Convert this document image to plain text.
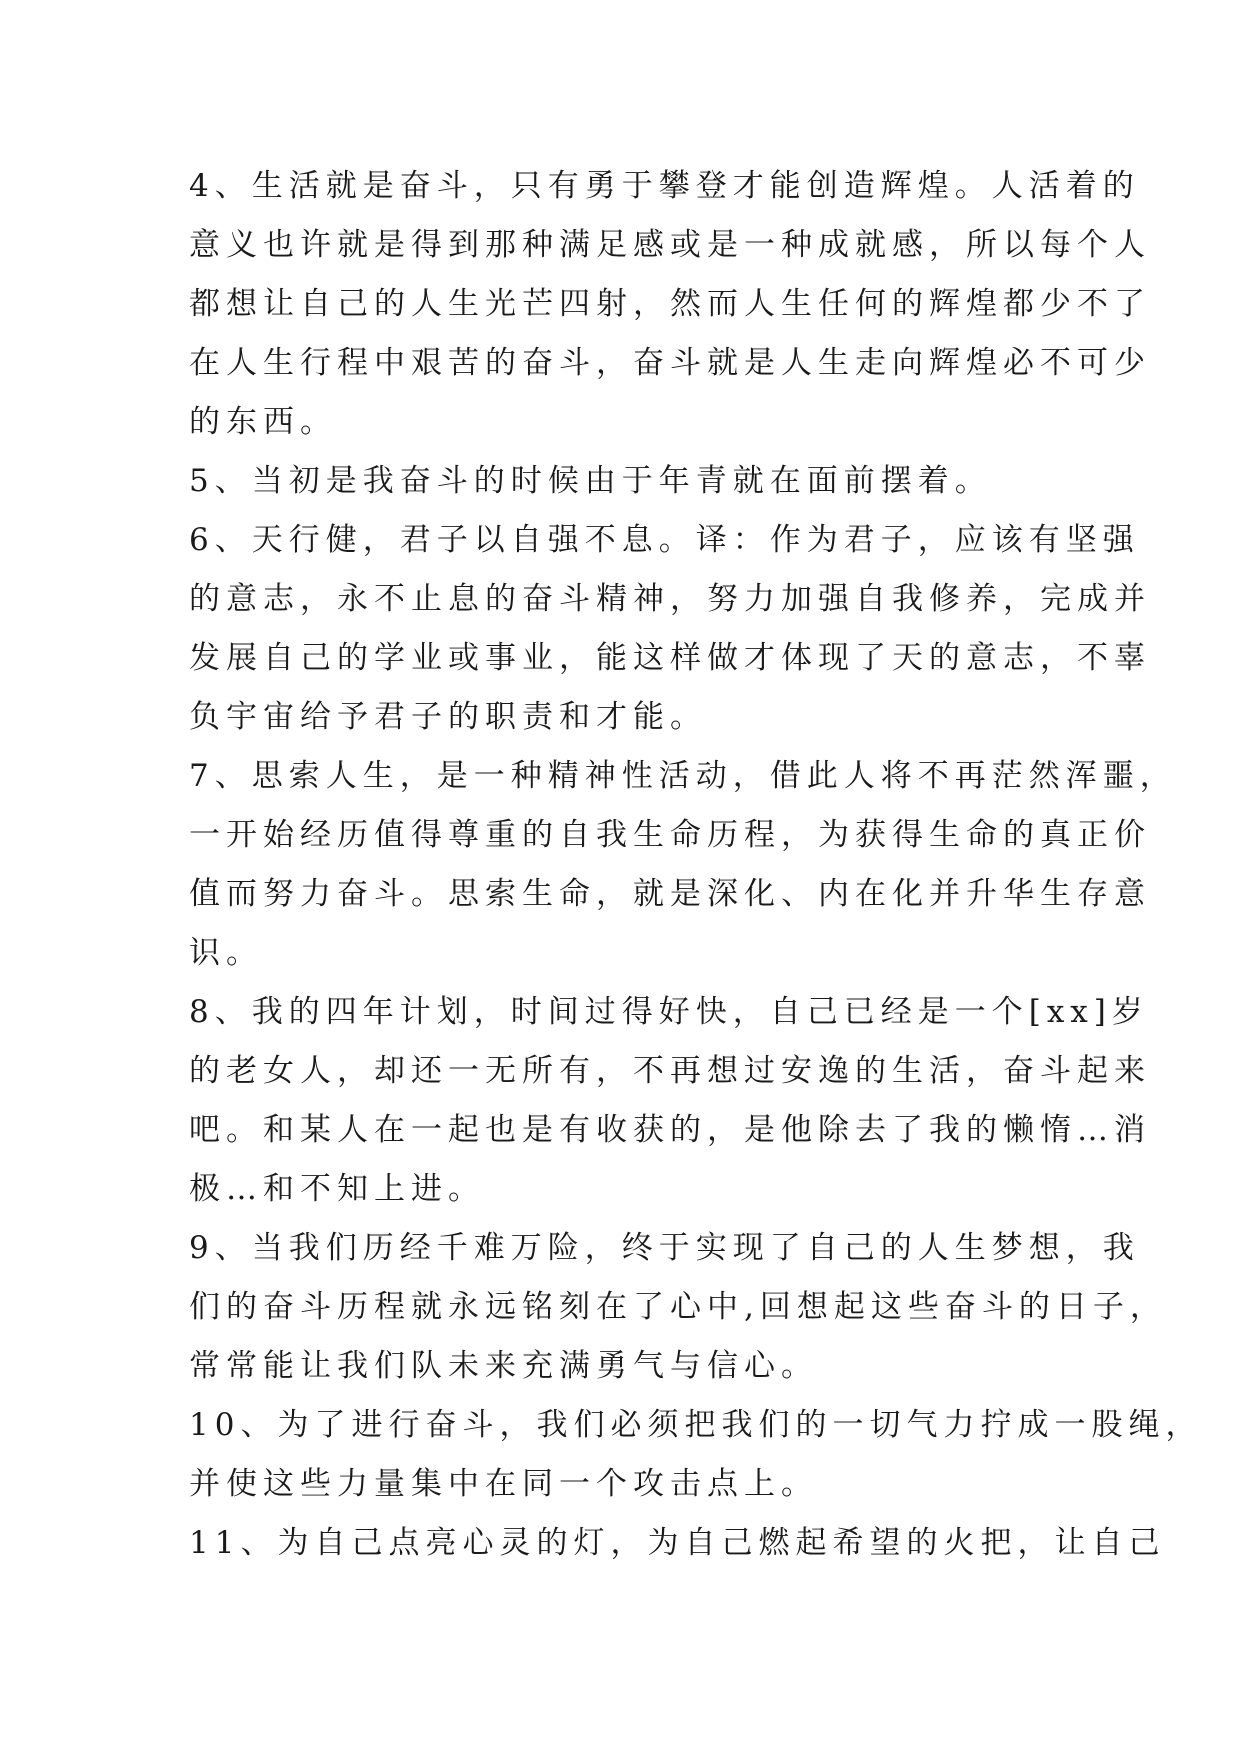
4、生活就是奋斗，只有勇于攀登才能创造辉煌。人活着的
意义也许就是得到那种满足感或是一种成就感，所以每个人
都想让自己的人生光芒四射，然而人生任何的辉煌都少不了
在人生行程中艰苦的奋斗，奋斗就是人生走向辉煌必不可少
的东西。
5、当初是我奋斗的时候由于年青就在面前摆着。
6、天行健，君子以自强不息。译：作为君子，应该有坚强
的意志，永不止息的奋斗精神，努力加强自我修养，完成并
发展自己的学业或事业，能这样做才体现了天的意志，不辜
负宇宙给予君子的职责和才能。
7、思索人生，是一种精神性活动，借此人将不再茫然浑噩，
一开始经历值得尊重的自我生命历程，为获得生命的真正价
值而努力奋斗。思索生命，就是深化、内在化并升华生存意
识。
8、我的四年计划，时间过得好快，自己已经是一个[xx]岁
的老女人，却还一无所有，不再想过安逸的生活，奋斗起来
吧。和某人在一起也是有收获的，是他除去了我的懒惰…消
极…和不知上进。
9、当我们历经千难万险，终于实现了自己的人生梦想，我
们的奋斗历程就永远铭刻在了心中,回想起这些奋斗的日子，
常常能让我们队未来充满勇气与信心。
10、为了进行奋斗，我们必须把我们的一切气力拧成一股绳，
并使这些力量集中在同一个攻击点上。
11、为自己点亮心灵的灯，为自己燃起希望的火把，让自己
